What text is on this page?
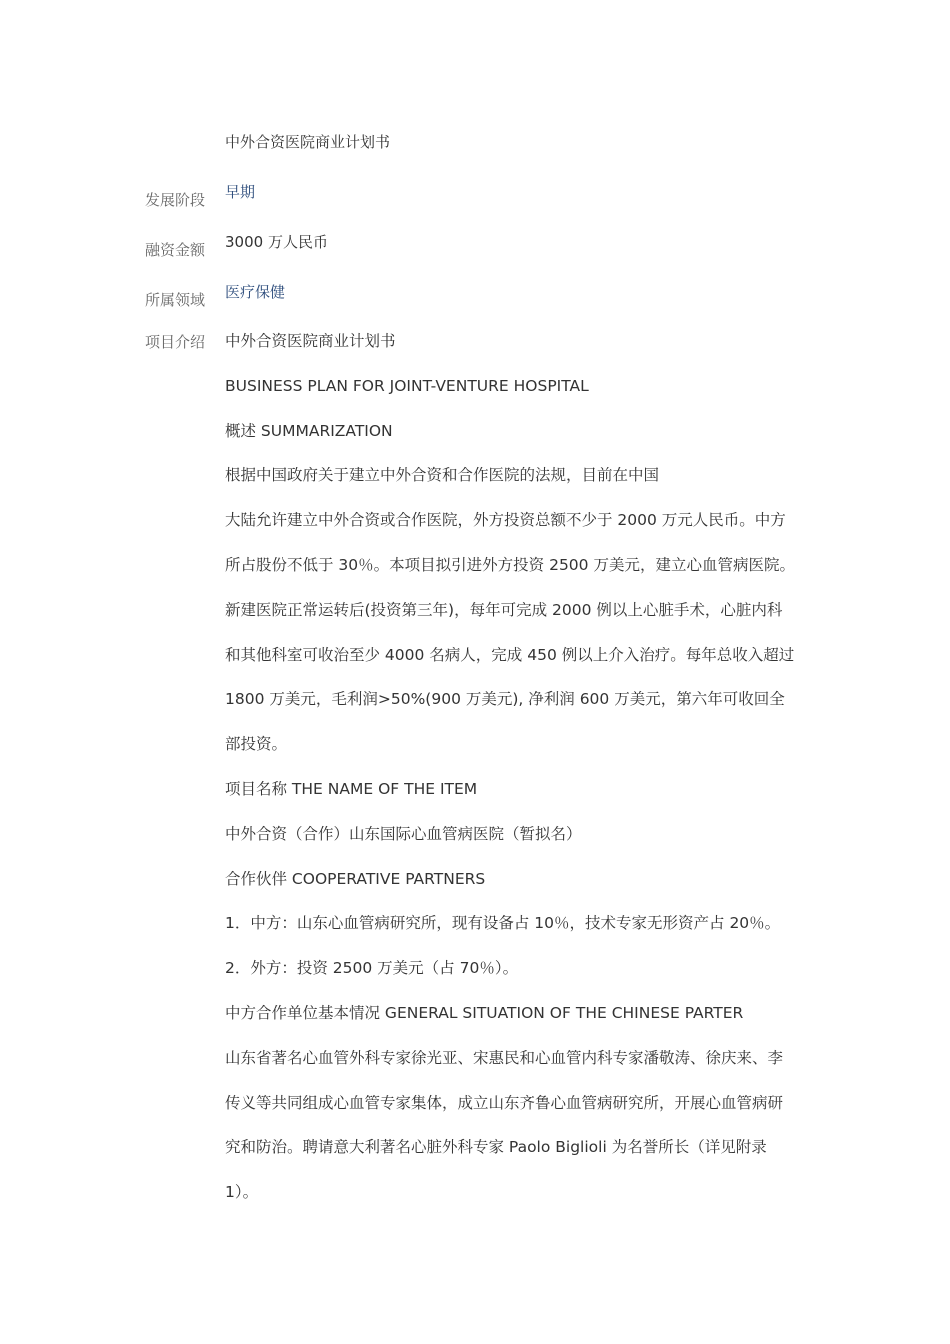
中外合资医院商业计划书
发展阶段 早期
融资金额 3000 万人民币
所属领域 医疗保健
项目介绍 中外合资医院商业计划书
BUSINESS PLAN FOR JOINT-VENTURE HOSPITAL
概述 SUMMARIZATION
根据中国政府关于建立中外合资和合作医院的法规，目前在中国
大陆允许建立中外合资或合作医院，外方投资总额不少于 2000 万元人民币。中方
所占股份不低于 30％。本项目拟引进外方投资 2500 万美元，建立心血管病医院。
新建医院正常运转后(投资第三年)，每年可完成 2000 例以上心脏手术，心脏内科
和其他科室可收治至少 4000 名病人，完成 450 例以上介入治疗。每年总收入超过
1800 万美元，毛利润>50%(900 万美元), 净利润 600 万美元，第六年可收回全
部投资。
项目名称 THE NAME OF THE ITEM
中外合资（合作）山东国际心血管病医院（暂拟名）
合作伙伴 COOPERATIVE PARTNERS
1．中方：山东心血管病研究所，现有设备占 10％，技术专家无形资产占 20％。
2．外方：投资 2500 万美元（占 70％）。
中方合作单位基本情况 GENERAL SITUATION OF THE CHINESE PARTER
山东省著名心血管外科专家徐光亚、宋惠民和心血管内科专家潘敬涛、徐庆来、李
传义等共同组成心血管专家集体，成立山东齐鲁心血管病研究所，开展心血管病研
究和防治。聘请意大利著名心脏外科专家 Paolo Biglioli 为名誉所长（详见附录
1）。
